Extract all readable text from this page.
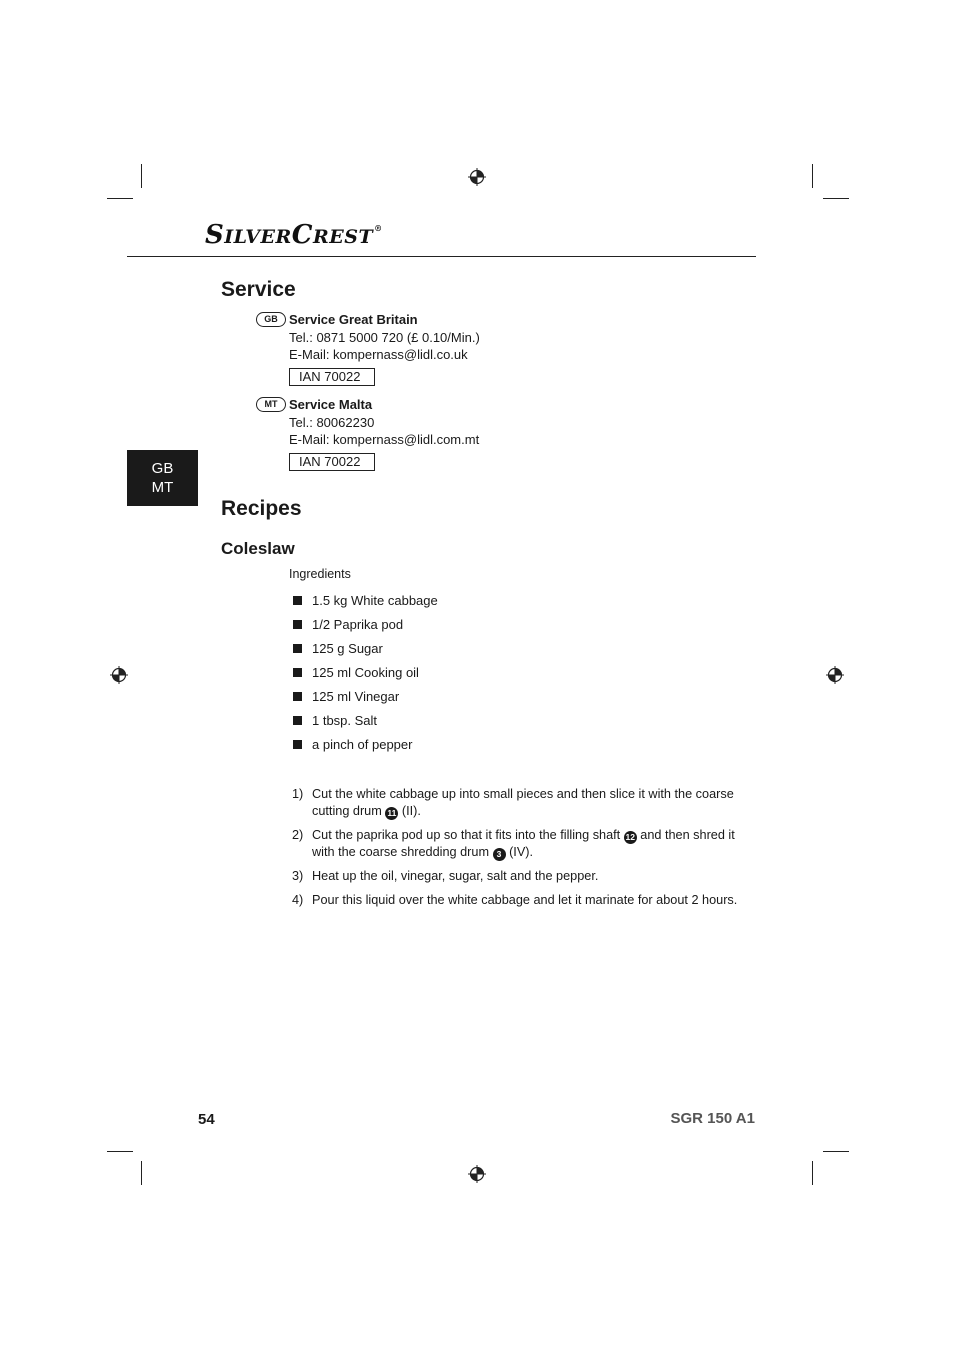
SILVERCREST®
Service
GB Service Great Britain
Tel.: 0871 5000 720 (£ 0.10/Min.)
E-Mail: kompernass@lidl.co.uk
IAN 70022
MT Service Malta
Tel.: 80062230
E-Mail: kompernass@lidl.com.mt
IAN 70022
GB
MT
Recipes
Coleslaw
Ingredients
1.5 kg White cabbage
1/2 Paprika pod
125 g Sugar
125 ml Cooking oil
125 ml Vinegar
1 tbsp. Salt
a pinch of pepper
1) Cut the white cabbage up into small pieces and then slice it with the coarse cutting drum 11 (II).
2) Cut the paprika pod up so that it fits into the filling shaft 12 and then shred it with the coarse shredding drum 3 (IV).
3) Heat up the oil, vinegar, sugar, salt and the pepper.
4) Pour this liquid over the white cabbage and let it marinate for about 2 hours.
54	SGR 150 A1
